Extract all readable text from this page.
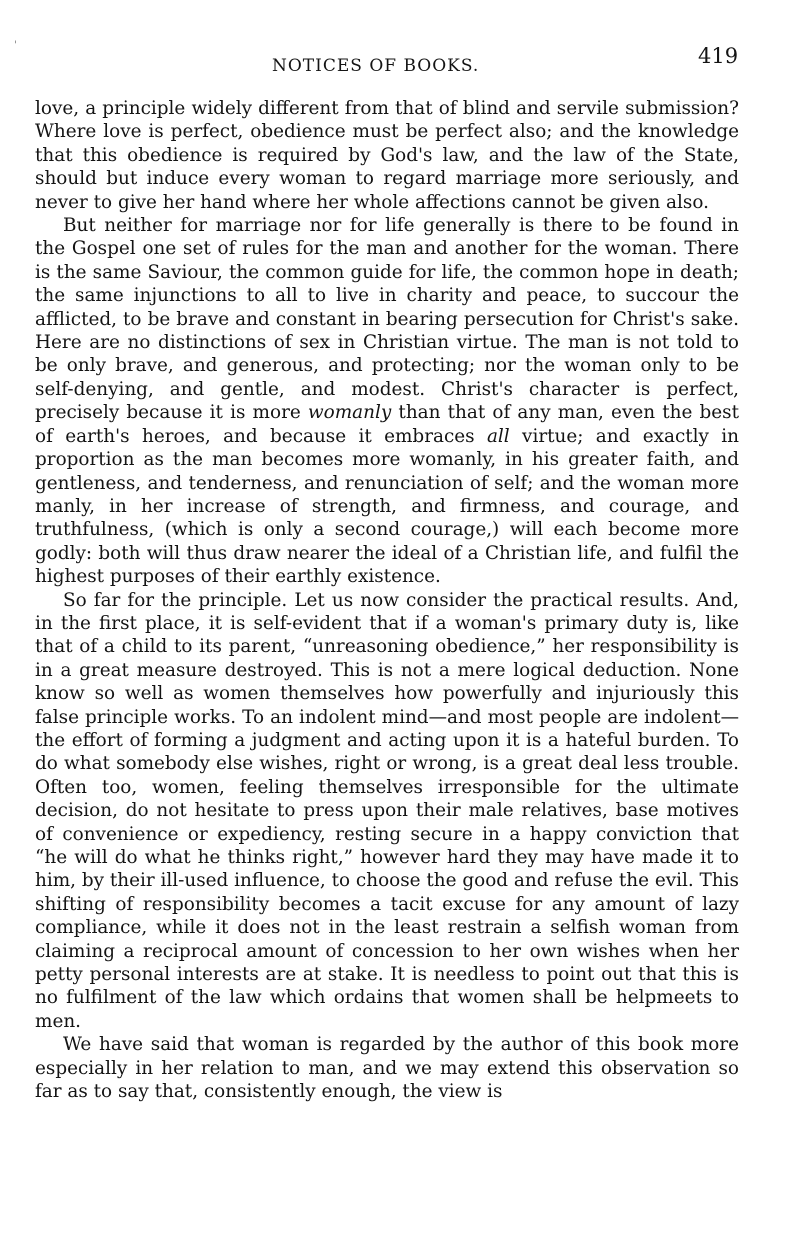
'
NOTICES OF BOOKS.	419

love, a principle widely different from that of blind and servile submission? Where love is perfect, obedience must be perfect also; and the knowledge that this obedience is required by God's law, and the law of the State, should but induce every woman to regard marriage more seriously, and never to give her hand where her whole affections cannot be given also.

But neither for marriage nor for life generally is there to be found in the Gospel one set of rules for the man and another for the woman. There is the same Saviour, the common guide for life, the common hope in death; the same injunctions to all to live in charity and peace, to succour the afflicted, to be brave and constant in bearing persecution for Christ's sake. Here are no distinctions of sex in Christian virtue. The man is not told to be only brave, and generous, and protecting; nor the woman only to be self-denying, and gentle, and modest. Christ's character is perfect, precisely because it is more womanly than that of any man, even the best of earth's heroes, and because it embraces all virtue; and exactly in proportion as the man becomes more womanly, in his greater faith, and gentleness, and tenderness, and renunciation of self; and the woman more manly, in her increase of strength, and firmness, and courage, and truthfulness, (which is only a second courage,) will each become more godly: both will thus draw nearer the ideal of a Christian life, and fulfil the highest purposes of their earthly existence.

So far for the principle. Let us now consider the practical results. And, in the first place, it is self-evident that if a woman's primary duty is, like that of a child to its parent, “unreasoning obedience,” her responsibility is in a great measure destroyed. This is not a mere logical deduction. None know so well as women themselves how powerfully and injuriously this false principle works. To an indolent mind—and most people are indolent—the effort of forming a judgment and acting upon it is a hateful burden. To do what somebody else wishes, right or wrong, is a great deal less trouble. Often too, women, feeling themselves irresponsible for the ultimate decision, do not hesitate to press upon their male relatives, base motives of convenience or expediency, resting secure in a happy conviction that “he will do what he thinks right,” however hard they may have made it to him, by their ill-used influence, to choose the good and refuse the evil. This shifting of responsibility becomes a tacit excuse for any amount of lazy compliance, while it does not in the least restrain a selfish woman from claiming a reciprocal amount of concession to her own wishes when her petty personal interests are at stake. It is needless to point out that this is no fulfilment of the law which ordains that women shall be helpmeets to men.

We have said that woman is regarded by the author of this book more especially in her relation to man, and we may extend this observation so far as to say that, consistently enough, the view is
